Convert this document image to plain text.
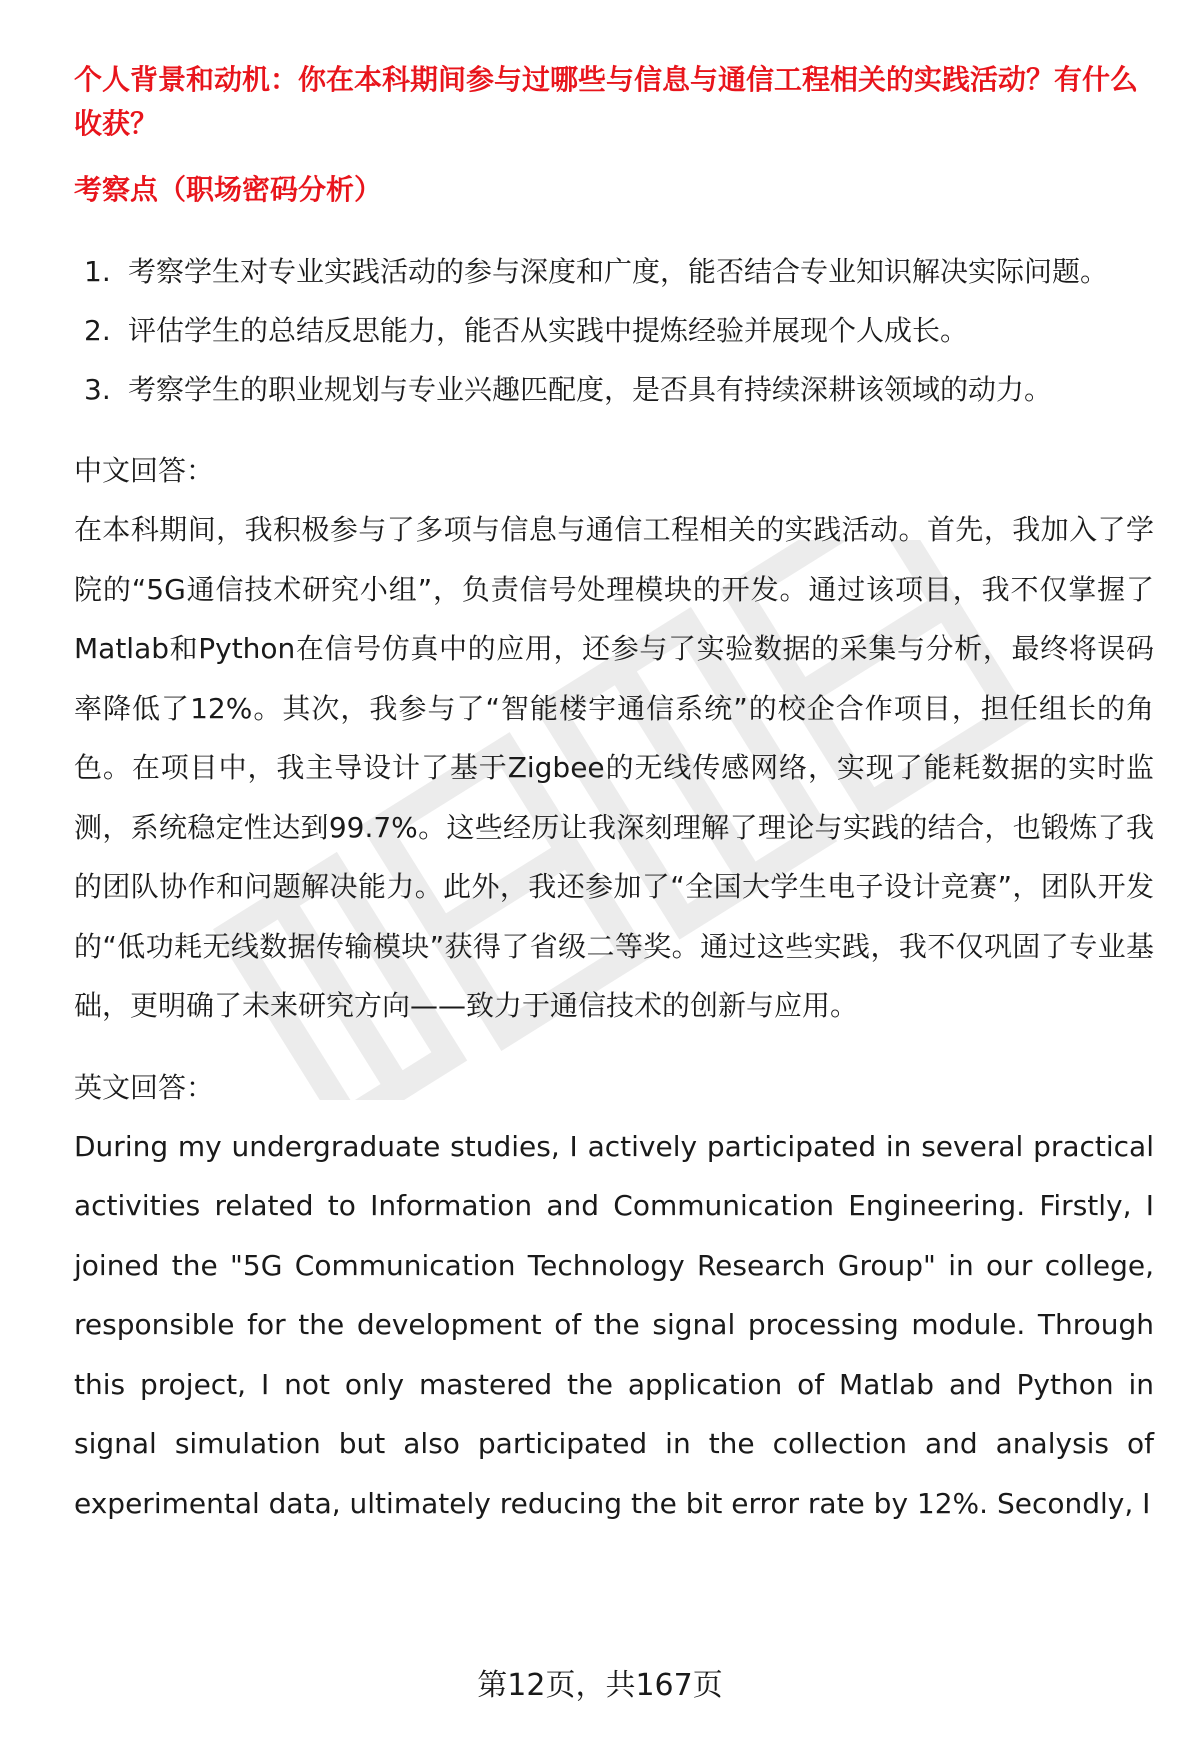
个人背景和动机：你在本科期间参与过哪些与信息与通信工程相关的实践活动？有什么收获？

考察点（职场密码分析）

1. 考察学生对专业实践活动的参与深度和广度，能否结合专业知识解决实际问题。
2. 评估学生的总结反思能力，能否从实践中提炼经验并展现个人成长。
3. 考察学生的职业规划与专业兴趣匹配度，是否具有持续深耕该领域的动力。

中文回答：

在本科期间，我积极参与了多项与信息与通信工程相关的实践活动。首先，我加入了学院的“5G通信技术研究小组”，负责信号处理模块的开发。通过该项目，我不仅掌握了Matlab和Python在信号仿真中的应用，还参与了实验数据的采集与分析，最终将误码率降低了12%。其次，我参与了“智能楼宇通信系统”的校企合作项目，担任组长的角色。在项目中，我主导设计了基于Zigbee的无线传感网络，实现了能耗数据的实时监测，系统稳定性达到99.7%。这些经历让我深刻理解了理论与实践的结合，也锻炼了我的团队协作和问题解决能力。此外，我还参加了“全国大学生电子设计竞赛”，团队开发的“低功耗无线数据传输模块”获得了省级二等奖。通过这些实践，我不仅巩固了专业基础，更明确了未来研究方向——致力于通信技术的创新与应用。

英文回答：

During my undergraduate studies, I actively participated in several practical activities related to Information and Communication Engineering. Firstly, I joined the "5G Communication Technology Research Group" in our college, responsible for the development of the signal processing module. Through this project, I not only mastered the application of Matlab and Python in signal simulation but also participated in the collection and analysis of experimental data, ultimately reducing the bit error rate by 12%. Secondly, I

第12页，共167页
